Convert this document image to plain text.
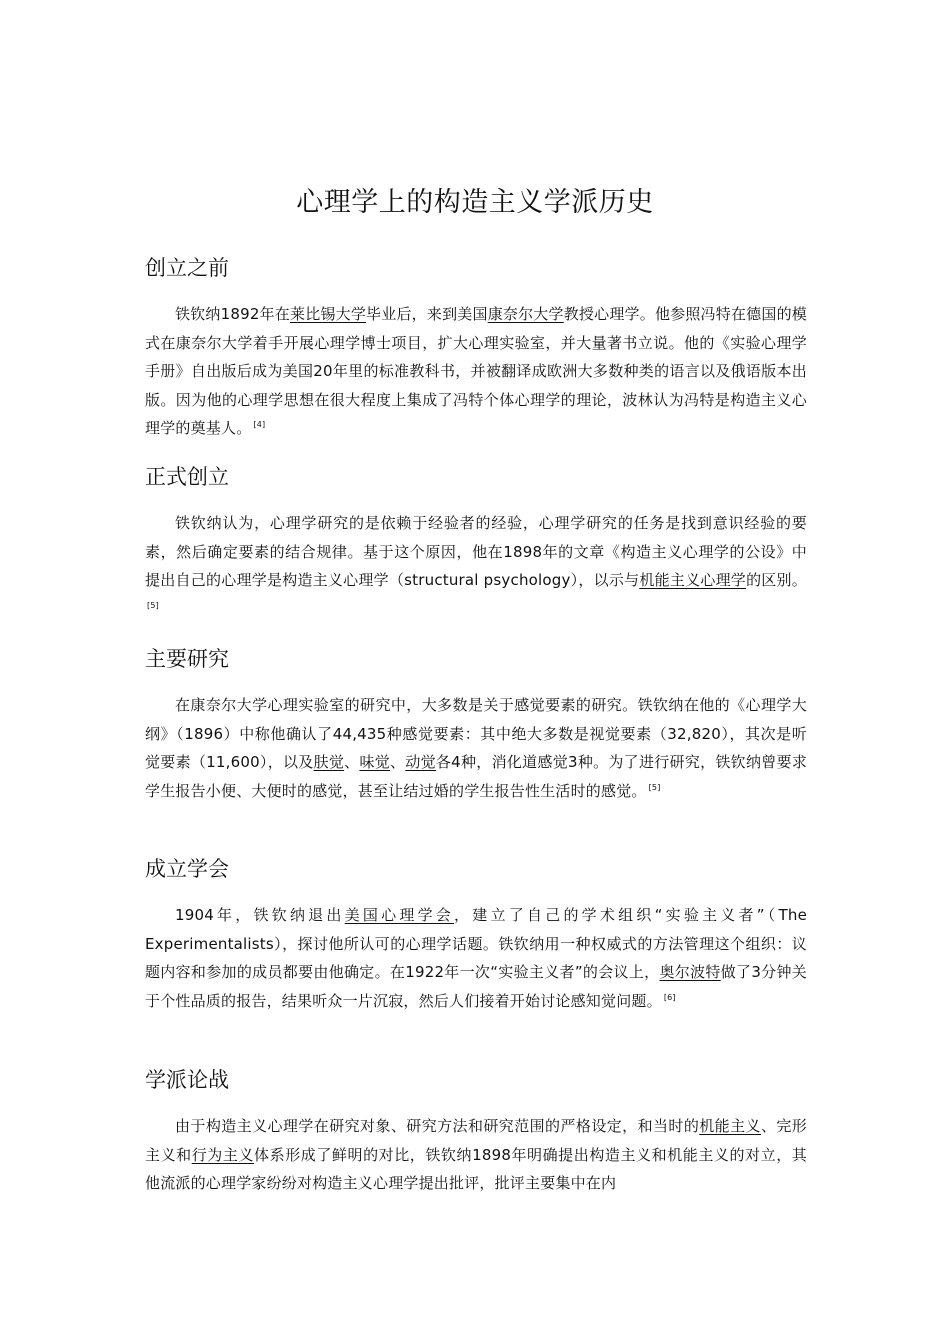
心理学上的构造主义学派历史
创立之前

铁钦纳1892年在莱比锡大学毕业后，来到美国康奈尔大学教授心理学。他参照冯特在德国的模式在康奈尔大学着手开展心理学博士项目，扩大心理实验室，并大量著书立说。他的《实验心理学手册》自出版后成为美国20年里的标准教科书，并被翻译成欧洲大多数种类的语言以及俄语版本出版。因为他的心理学思想在很大程度上集成了冯特个体心理学的理论，波林认为冯特是构造主义心理学的奠基人。 [4]

正式创立

铁钦纳认为，心理学研究的是依赖于经验者的经验，心理学研究的任务是找到意识经验的要素，然后确定要素的结合规律。基于这个原因，他在1898年的文章《构造主义心理学的公设》中提出自己的心理学是构造主义心理学（structural psychology），以示与机能主义心理学的区别。[5]

主要研究

在康奈尔大学心理实验室的研究中，大多数是关于感觉要素的研究。铁钦纳在他的《心理学大纲》（1896）中称他确认了44,435种感觉要素：其中绝大多数是视觉要素（32,820），其次是听觉要素（11,600），以及肤觉、味觉、动觉各4种，消化道感觉3种。为了进行研究，铁钦纳曾要求学生报告小便、大便时的感觉，甚至让结过婚的学生报告性生活时的感觉。 [5]

成立学会

1904年，铁钦纳退出美国心理学会，建立了自己的学术组织“实验主义者”（The Experimentalists），探讨他所认可的心理学话题。铁钦纳用一种权威式的方法管理这个组织：议题内容和参加的成员都要由他确定。在1922年一次“实验主义者”的会议上，奥尔波特做了3分钟关于个性品质的报告，结果听众一片沉寂，然后人们接着开始讨论感知觉问题。 [6]

学派论战

由于构造主义心理学在研究对象、研究方法和研究范围的严格设定，和当时的机能主义、完形主义和行为主义体系形成了鲜明的对比，铁钦纳1898年明确提出构造主义和机能主义的对立，其他流派的心理学家纷纷对构造主义心理学提出批评，批评主要集中在内
